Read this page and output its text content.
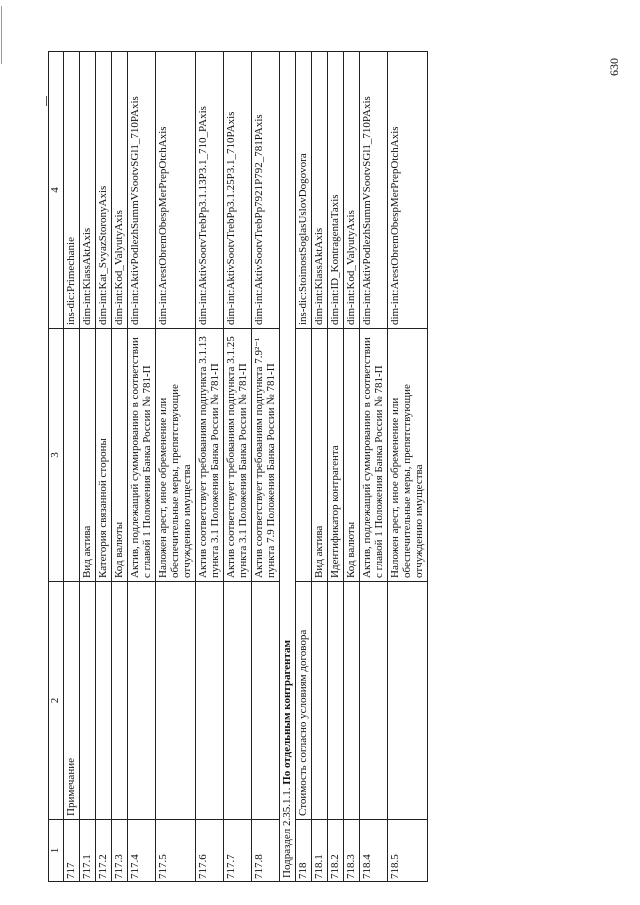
630
1	2	3	4
717	Примечание		ins-dic:Primechanie
717.1		Вид актива	dim-int:KlassAktAxis
717.2		Категория связанной стороны	dim-int:Kat_SvyazStoronyAxis
717.3		Код валюты	dim-int:Kod_ValyutyAxis
717.4		Актив, подлежащий суммированию в соответствии с главой 1 Положения Банка России № 781-П	dim-int:AktivPodlezhSummVSootvSGl1_710PAxis
717.5		Наложен арест, иное обременение или обеспечительные меры, препятствующие отчуждению имущества	dim-int:ArestObremObespMerPrepOtchAxis
717.6		Актив соответствует требованиям подпункта 3.1.13 пункта 3.1 Положения Банка России № 781-П	dim-int:AktivSootvTrebPp3.1.13P3.1_710_PAxis
717.7		Актив соответствует требованиям подпункта 3.1.25 пункта 3.1 Положения Банка России № 781-П	dim-int:AktivSootvTrebPp3.1.25P3.1_710PAxis
717.8		Актив соответствует требованиям подпункта 7.9²⁻¹ пункта 7.9 Положения Банка России № 781-П	dim-int:AktivSootvTrebPp7921P792_781PAxis
Подраздел 2.35.1.1. По отдельным контрагентам			
718	Стоимость согласно условиям договора		ins-dic:StoimostSoglasUslovDogovora
718.1		Вид актива	dim-int:KlassAktAxis
718.2		Идентификатор контрагента	dim-int:ID_KontragentaTaxis
718.3		Код валюты	dim-int:Kod_ValyutyAxis
718.4		Актив, подлежащий суммированию в соответствии с главой 1 Положения Банка России № 781-П	dim-int:AktivPodlezhSummVSootvSGl1_710PAxis
718.5		Наложен арест, иное обременение или обеспечительные меры, препятствующие отчуждению имущества	dim-int:ArestObremObespMerPrepOtchAxis
